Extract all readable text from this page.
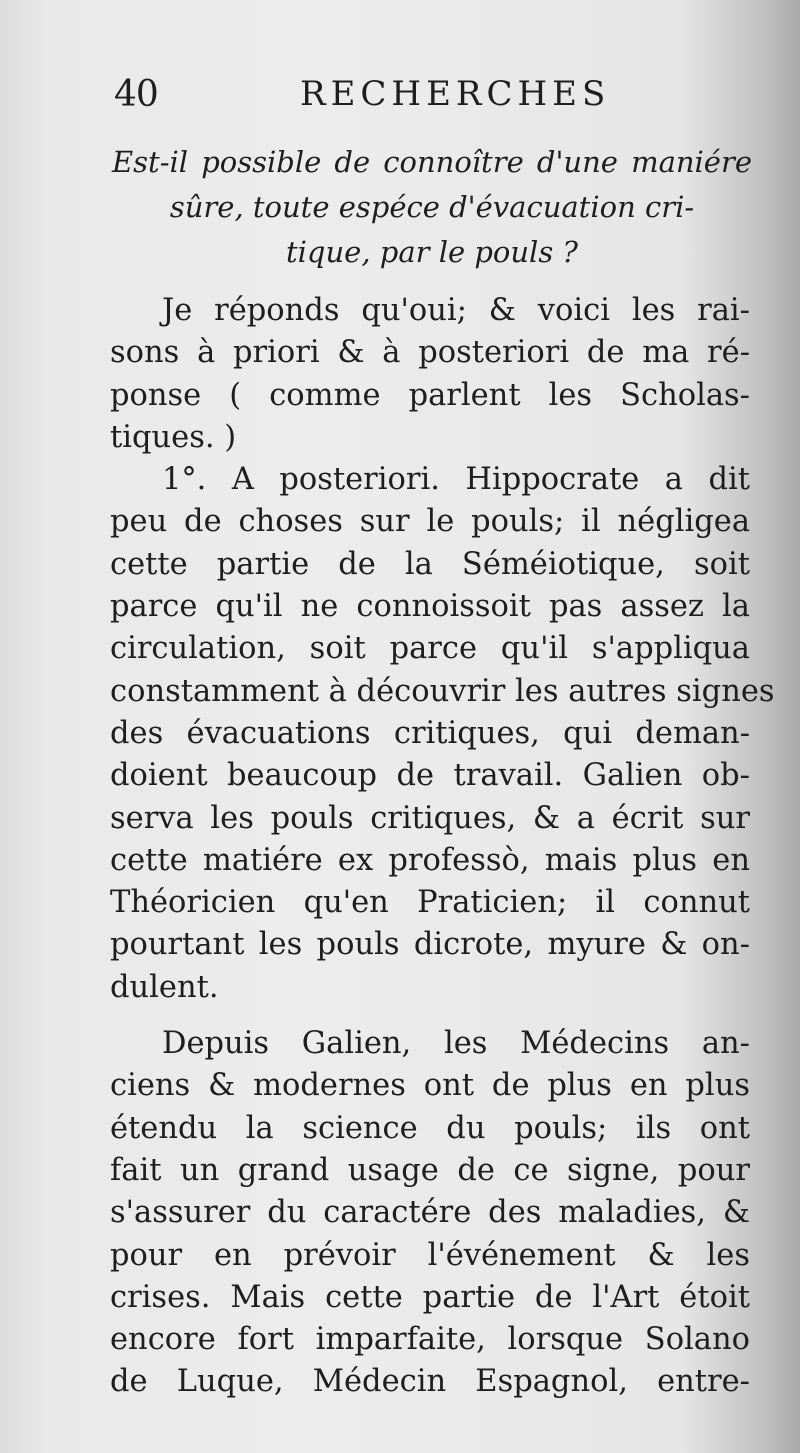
40	RECHERCHES
Est-il possible de connoître d'une maniére
sûre, toute espéce d'évacuation cri-
tique, par le pouls ?
Je réponds qu'oui; & voici les rai-
sons à priori & à posteriori de ma ré-
ponse ( comme parlent les Scholas-
tiques. )
1°. A posteriori. Hippocrate a dit
peu de choses sur le pouls; il négligea
cette partie de la Séméiotique, soit
parce qu'il ne connoissoit pas assez la
circulation, soit parce qu'il s'appliqua
constamment à découvrir les autres signes
des évacuations critiques, qui deman-
doient beaucoup de travail. Galien ob-
serva les pouls critiques, & a écrit sur
cette matiére ex professò, mais plus en
Théoricien qu'en Praticien; il connut
pourtant les pouls dicrote, myure & on-
dulent.
Depuis Galien, les Médecins an-
ciens & modernes ont de plus en plus
étendu la science du pouls; ils ont
fait un grand usage de ce signe, pour
s'assurer du caractére des maladies, &
pour en prévoir l'événement & les
crises. Mais cette partie de l'Art étoit
encore fort imparfaite, lorsque Solano
de Luque, Médecin Espagnol, entre-
